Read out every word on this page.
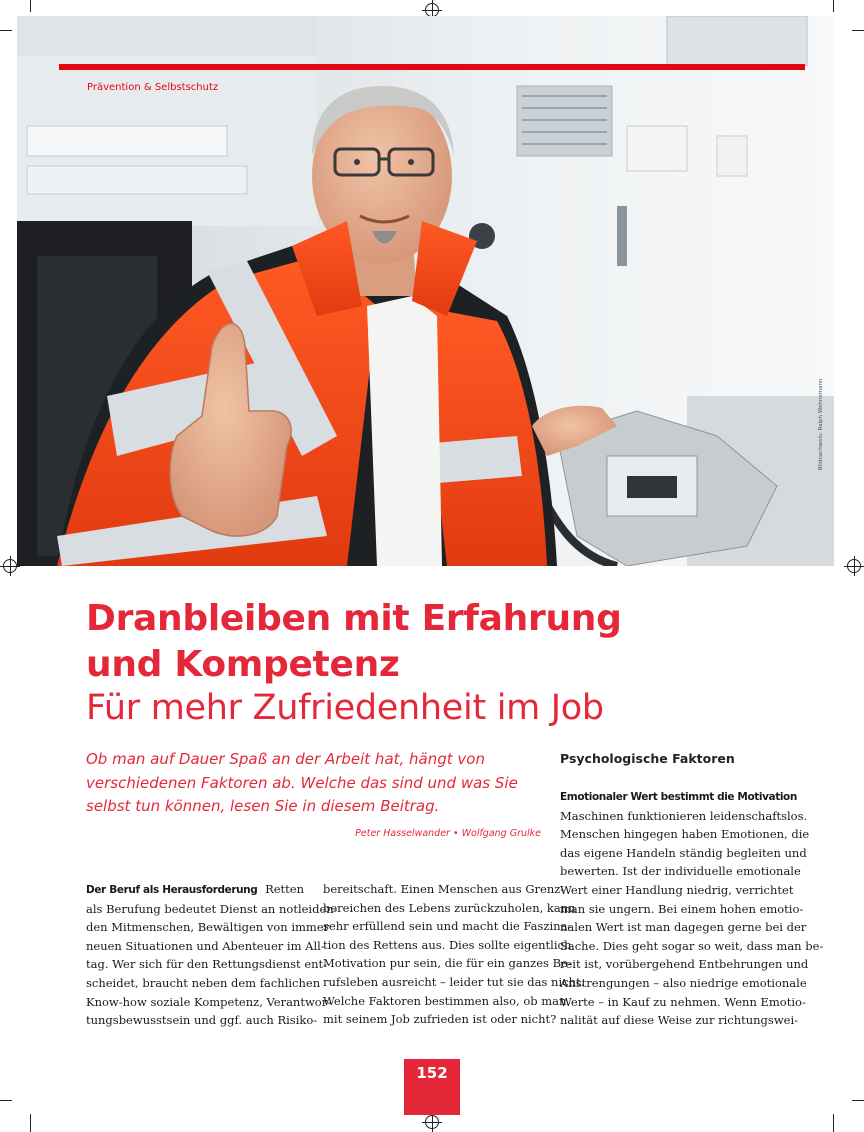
Prävention & Selbstschutz
Bildnachweis: Ralph Wehnemann
Dranbleiben mit Erfahrung
und Kompetenz
Für mehr Zufriedenheit im Job
Ob man auf Dauer Spaß an der Arbeit hat, hängt von
verschiedenen Faktoren ab. Welche das sind und was Sie
selbst tun können, lesen Sie in diesem Beitrag.
Peter Hasselwander • Wolfgang Grulke
Der Beruf als Herausforderung Retten
als Berufung bedeutet Dienst an notleiden-
den Mitmenschen, Bewältigen von immer
neuen Situationen und Abenteuer im All-
tag. Wer sich für den Rettungsdienst ent-
scheidet, braucht neben dem fachlichen
Know-how soziale Kompetenz, Verantwor-
tungsbewusstsein und ggf. auch Risiko-
bereitschaft. Einen Menschen aus Grenz-
bereichen des Lebens zurückzuholen, kann
sehr erfüllend sein und macht die Faszina-
tion des Rettens aus. Dies sollte eigentlich
Motivation pur sein, die für ein ganzes Be-
rufsleben ausreicht – leider tut sie das nicht.
Welche Faktoren bestimmen also, ob man
mit seinem Job zufrieden ist oder nicht?
Psychologische Faktoren
Emotionaler Wert bestimmt die Motivation
Maschinen funktionieren leidenschaftslos.
Menschen hingegen haben Emotionen, die
das eigene Handeln ständig begleiten und
bewerten. Ist der individuelle emotionale
Wert einer Handlung niedrig, verrichtet
man sie ungern. Bei einem hohen emotio-
nalen Wert ist man dagegen gerne bei der
Sache. Dies geht sogar so weit, dass man be-
reit ist, vorübergehend Entbehrungen und
Anstrengungen – also niedrige emotionale
Werte – in Kauf zu nehmen. Wenn Emotio-
nalität auf diese Weise zur richtungswei-
152
